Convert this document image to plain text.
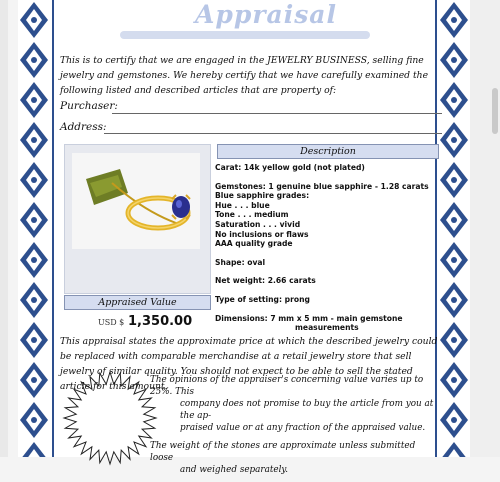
Appraisal
This is to certify that we are engaged in the JEWELRY BUSINESS, selling fine jewelry and gemstones. We hereby certify that we have carefully examined the following listed and described articles that are property of:
Purchaser:
Address:
Description
Carat: 14k yellow gold (not plated)
Gemstones: 1 genuine blue sapphire - 1.28 carats
Blue sapphire grades:
Hue . . . blue
Tone . . . medium
Saturation . . . vivid
No inclusions or flaws
AAA quality grade
Shape: oval
Net weight: 2.66 carats
Type of setting: prong
Dimensions: 7 mm x 5 mm - main gemstone
measurements
Appraised Value
USD $ 1,350.00
This appraisal states the approximate price at which the described jewelry could be replaced with comparable merchandise at a retail jewelry store that sell jewelry of similar quality. You should not expect to be able to sell the stated article for this amount.
The opinions of the appraiser's concerning value varies up to 25%. This

company does not promise to buy the article from you at the ap-
praised value or at any fraction of the appraised value.
The weight of the stones are approximate unless submitted loose

and weighed separately.
